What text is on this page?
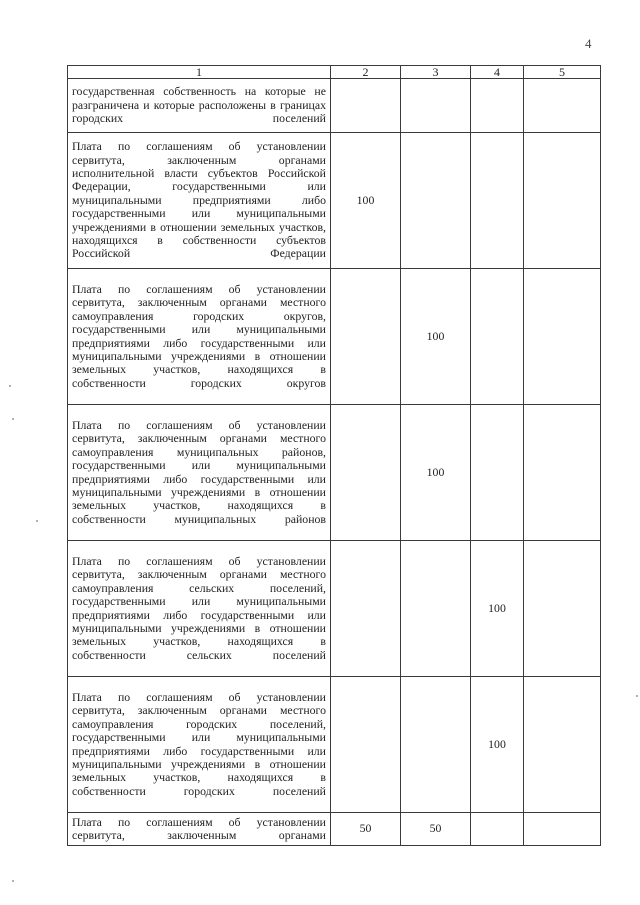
4
1	2	3	4	5
государственная собственность на которые не разграничена и которые расположены в границах городских поселений				
Плата по соглашениям об установлении сервитута, заключенным органами исполнительной власти субъектов Российской Федерации, государственными или муниципальными предприятиями либо государственными или муниципальными учреждениями в отношении земельных участков, находящихся в собственности субъектов Российской Федерации	100			
Плата по соглашениям об установлении сервитута, заключенным органами местного самоуправления городских округов, государственными или муниципальными предприятиями либо государственными или муниципальными учреждениями в отношении земельных участков, находящихся в собственности городских округов		100		
Плата по соглашениям об установлении сервитута, заключенным органами местного самоуправления муниципальных районов, государственными или муниципальными предприятиями либо государственными или муниципальными учреждениями в отношении земельных участков, находящихся в собственности муниципальных районов		100		
Плата по соглашениям об установлении сервитута, заключенным органами местного самоуправления сельских поселений, государственными или муниципальными предприятиями либо государственными или муниципальными учреждениями в отношении земельных участков, находящихся в собственности сельских поселений			100	
Плата по соглашениям об установлении сервитута, заключенным органами местного самоуправления городских поселений, государственными или муниципальными предприятиями либо государственными или муниципальными учреждениями в отношении земельных участков, находящихся в собственности городских поселений			100	
Плата по соглашениям об установлении сервитута, заключенным органами	50	50		
